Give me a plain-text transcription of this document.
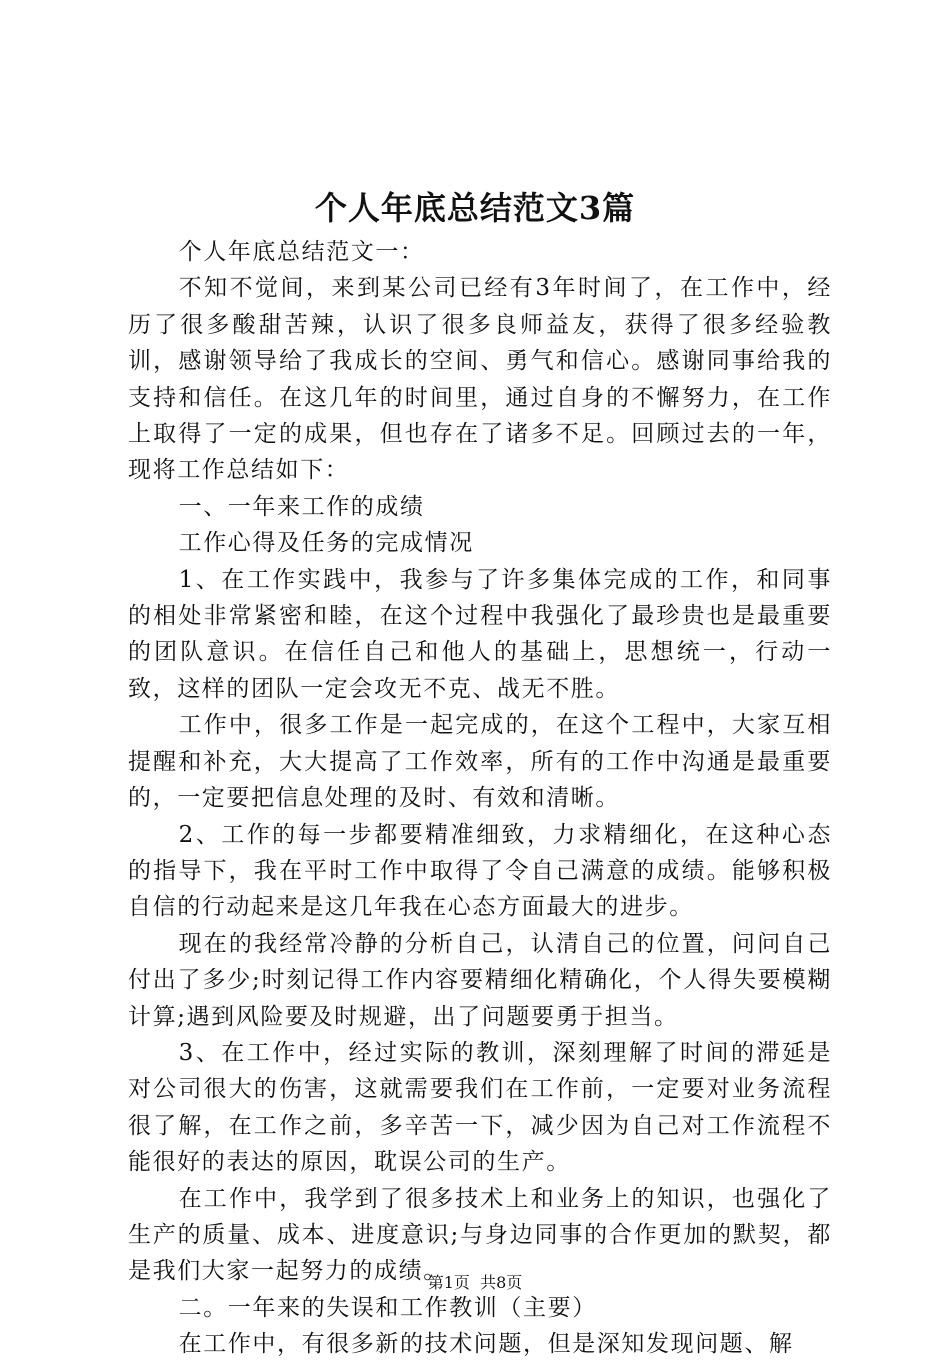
个人年底总结范文3篇

个人年底总结范文一：

不知不觉间，来到某公司已经有3年时间了，在工作中，经历了很多酸甜苦辣，认识了很多良师益友，获得了很多经验教训，感谢领导给了我成长的空间、勇气和信心。感谢同事给我的支持和信任。在这几年的时间里，通过自身的不懈努力，在工作上取得了一定的成果，但也存在了诸多不足。回顾过去的一年，现将工作总结如下：

一、一年来工作的成绩

工作心得及任务的完成情况

1、在工作实践中，我参与了许多集体完成的工作，和同事的相处非常紧密和睦，在这个过程中我强化了最珍贵也是最重要的团队意识。在信任自己和他人的基础上，思想统一，行动一致，这样的团队一定会攻无不克、战无不胜。

工作中，很多工作是一起完成的，在这个工程中，大家互相提醒和补充，大大提高了工作效率，所有的工作中沟通是最重要的，一定要把信息处理的及时、有效和清晰。

2、工作的每一步都要精准细致，力求精细化，在这种心态的指导下，我在平时工作中取得了令自己满意的成绩。能够积极自信的行动起来是这几年我在心态方面最大的进步。

现在的我经常冷静的分析自己，认清自己的位置，问问自己付出了多少;时刻记得工作内容要精细化精确化，个人得失要模糊计算;遇到风险要及时规避，出了问题要勇于担当。

3、在工作中，经过实际的教训，深刻理解了时间的滞延是对公司很大的伤害，这就需要我们在工作前，一定要对业务流程很了解，在工作之前，多辛苦一下，减少因为自己对工作流程不能很好的表达的原因，耽误公司的生产。

在工作中，我学到了很多技术上和业务上的知识，也强化了生产的质量、成本、进度意识;与身边同事的合作更加的默契，都是我们大家一起努力的成绩。

二。一年来的失误和工作教训（主要）

在工作中，有很多新的技术问题，但是深知发现问题、解

第1页 共8页
